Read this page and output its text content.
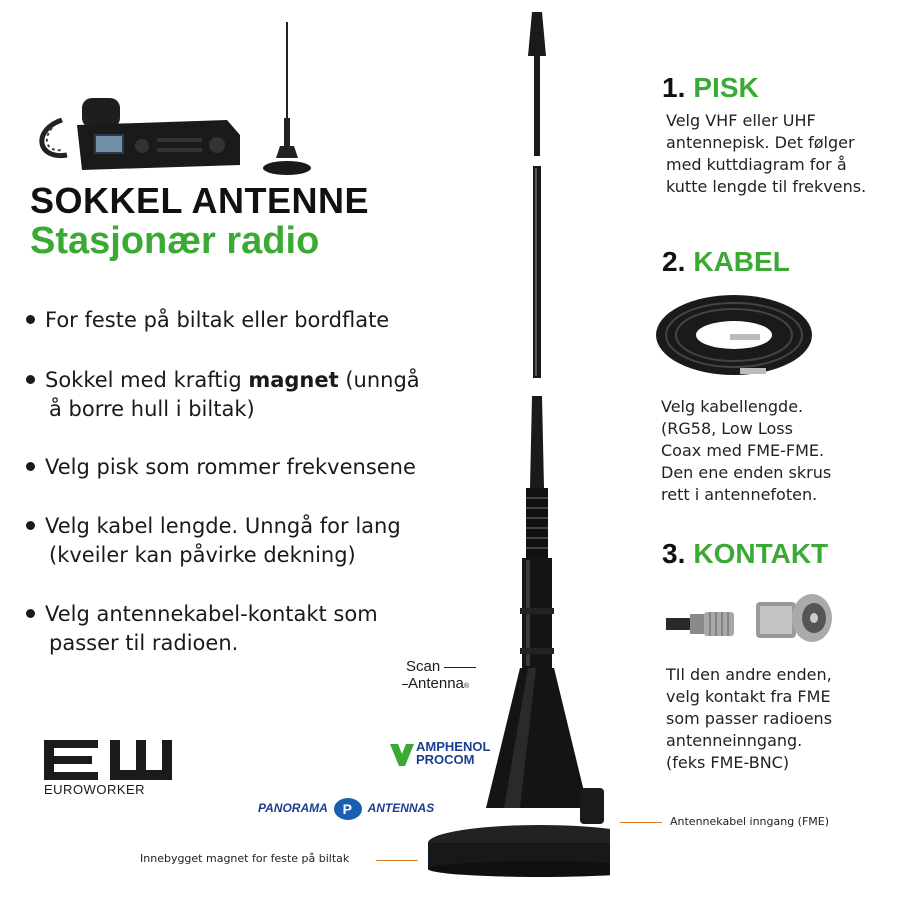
SOKKEL ANTENNE
Stasjonær radio
For feste på biltak eller bordflate
Sokkel med kraftig magnet (unngå
å borre hull i biltak)
Velg pisk som rommer frekvensene
Velg kabel lengde. Unngå for lang
(kveiler kan påvirke dekning)
Velg antennekabel-kontakt som
passer til radioen.
1. PISK
Velg VHF eller UHF
antennepisk. Det følger
med kuttdiagram for å
kutte lengde til frekvens.
2. KABEL
Velg kabellengde.
(RG58, Low Loss
Coax med FME-FME.
Den ene enden skrus
rett i antennefoten.
3. KONTAKT
TIl den andre enden,
velg kontakt fra FME
som passer radioens
antenneinngang.
(feks FME-BNC)
Antennekabel inngang (FME)
Innebygget magnet for feste på biltak
Scan
Antenna®
AMPHENOL
PROCOM
EUROWORKER
PANORAMA P ANTENNAS
